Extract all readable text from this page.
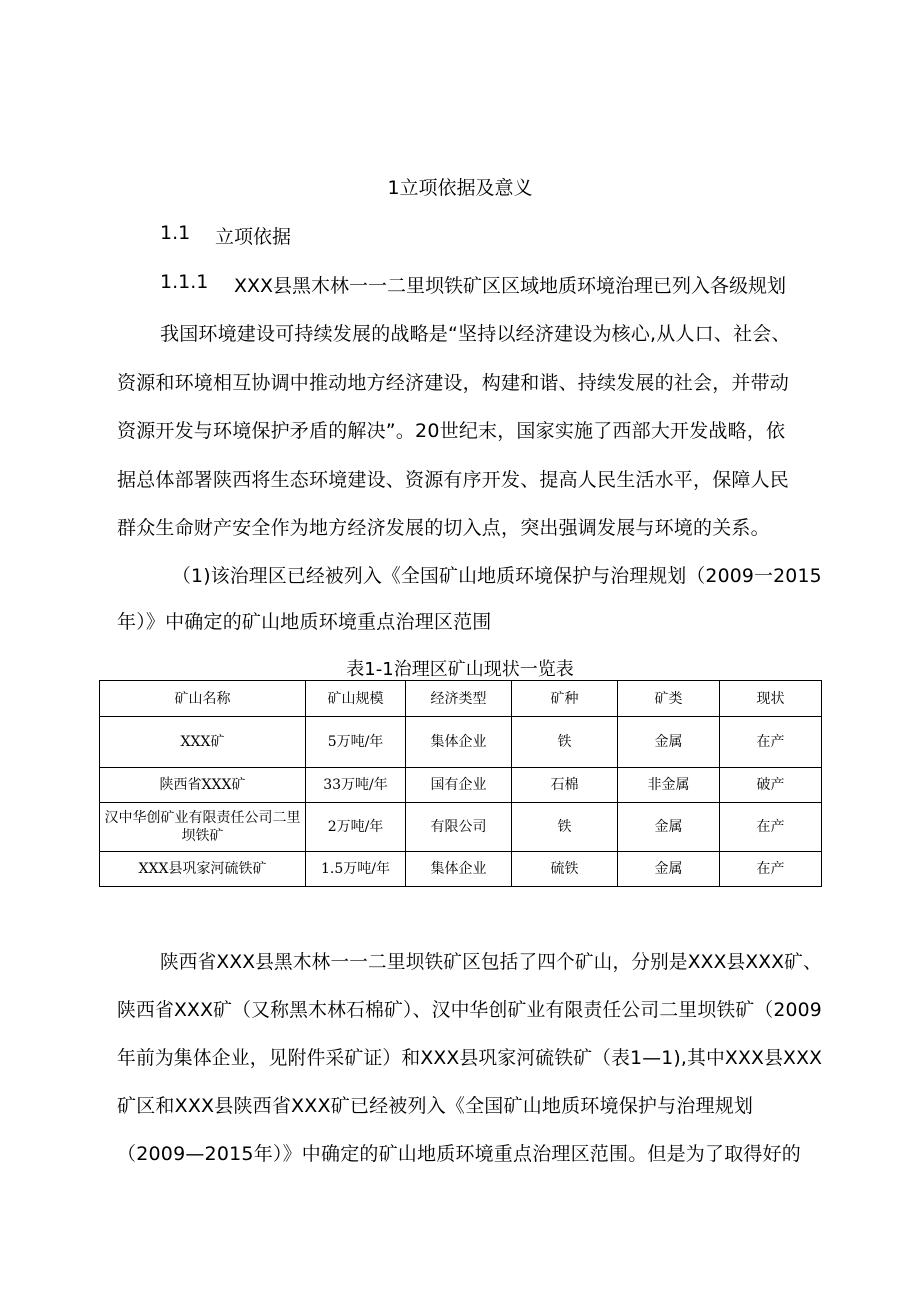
1立项依据及意义
1.1 立项依据
1.1.1 XXX县黑木林一一二里坝铁矿区区域地质环境治理已列入各级规划
我国环境建设可持续发展的战略是“坚持以经济建设为核心,从人口、社会、
资源和环境相互协调中推动地方经济建设，构建和谐、持续发展的社会，并带动
资源开发与环境保护矛盾的解决”。20世纪末，国家实施了西部大开发战略，依
据总体部署陕西将生态环境建设、资源有序开发、提高人民生活水平，保障人民
群众生命财产安全作为地方经济发展的切入点，突出强调发展与环境的关系。
（1)该治理区已经被列入《全国矿山地质环境保护与治理规划（2009一2015
年）》中确定的矿山地质环境重点治理区范围
表1-1治理区矿山现状一览表
矿山名称	矿山规模	经济类型	矿种	矿类	现状
XXX矿	5万吨/年	集体企业	铁	金属	在产
陕西省XXX矿	33万吨/年	国有企业	石棉	非金属	破产
汉中华创矿业有限责任公司二里坝铁矿	2万吨/年	有限公司	铁	金属	在产
XXX县巩家河硫铁矿	1.5万吨/年	集体企业	硫铁	金属	在产
陕西省XXX县黑木林一一二里坝铁矿区包括了四个矿山，分别是XXX县XXX矿、
陕西省XXX矿（又称黑木林石棉矿）、汉中华创矿业有限责任公司二里坝铁矿（2009
年前为集体企业，见附件采矿证）和XXX县巩家河硫铁矿（表1—1),其中XXX县XXX
矿区和XXX县陕西省XXX矿已经被列入《全国矿山地质环境保护与治理规划
（2009—2015年）》中确定的矿山地质环境重点治理区范围。但是为了取得好的
